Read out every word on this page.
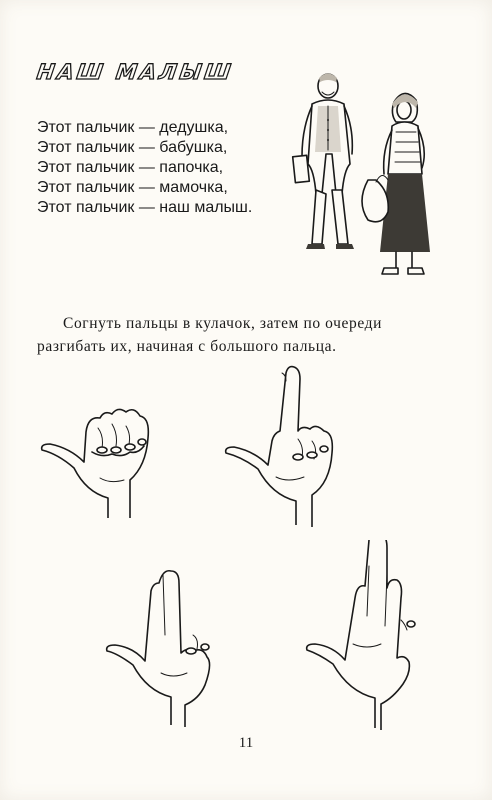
НАШ МАЛЫШ
Этот пальчик — дедушка,
Этот пальчик — бабушка,
Этот пальчик — папочка,
Этот пальчик — мамочка,
Этот пальчик — наш малыш.

Согнуть пальцы в кулачок, затем по очереди разгибать их, начиная с большого пальца.

11
